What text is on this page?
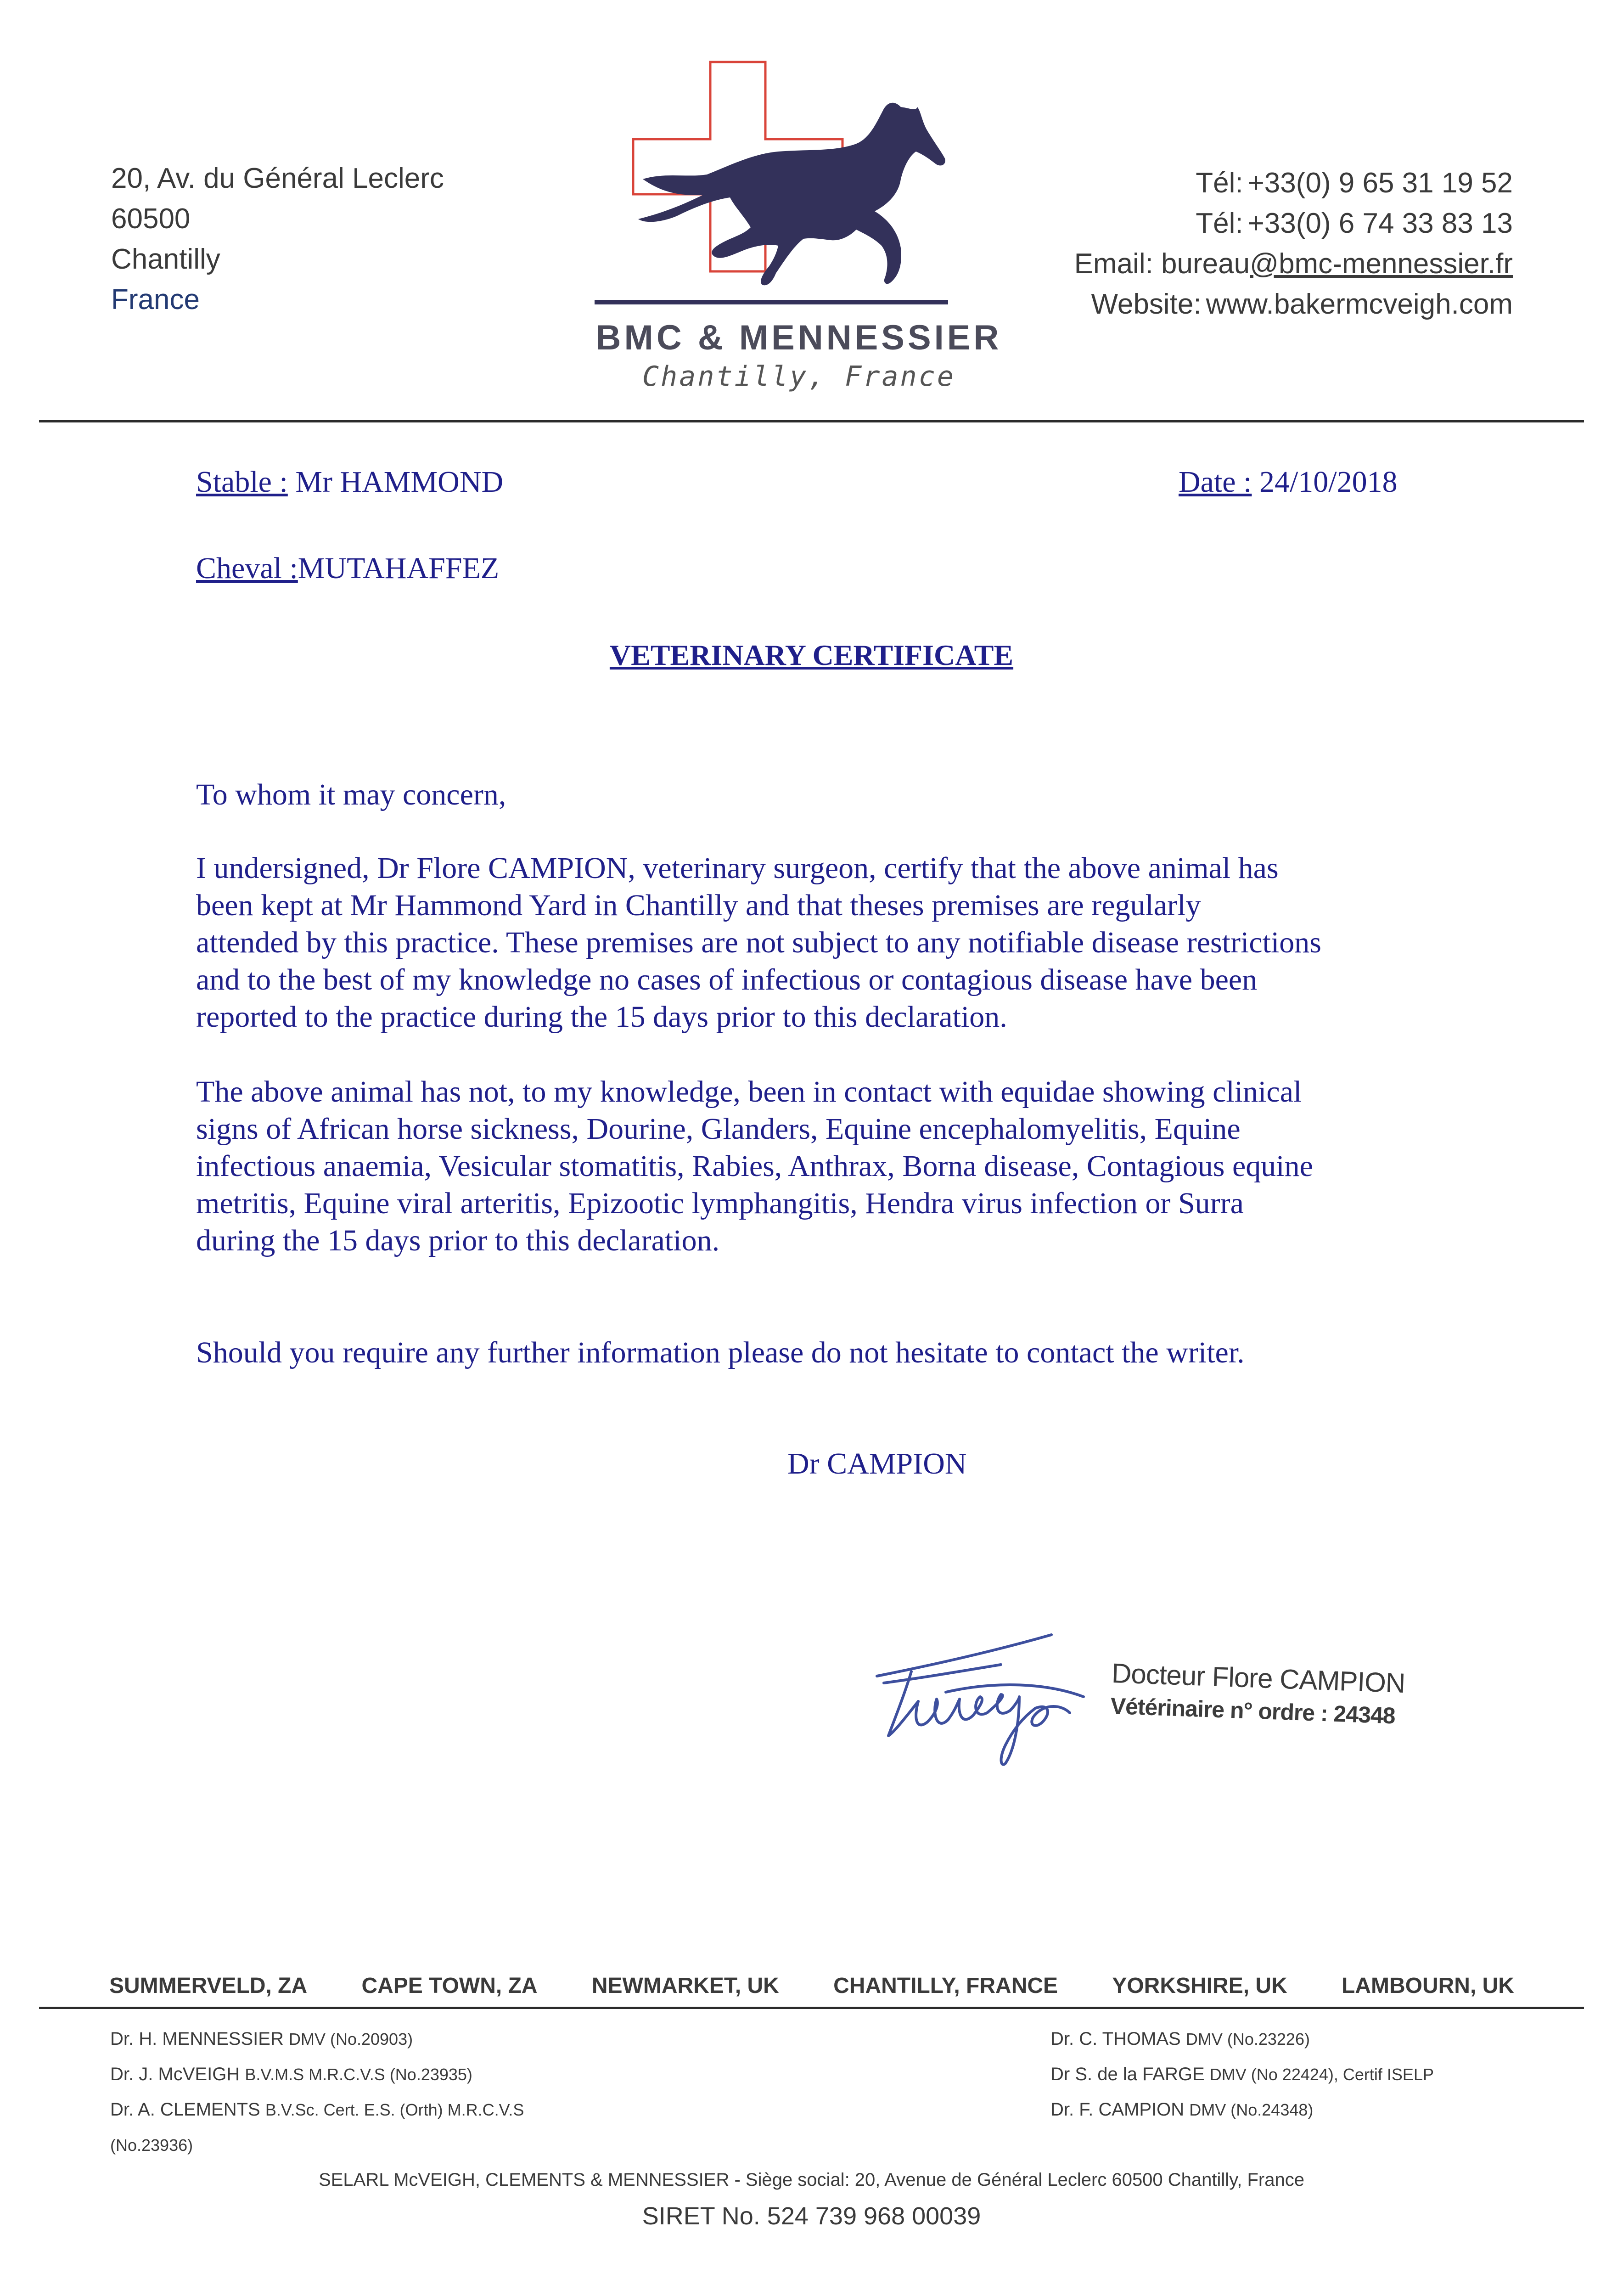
20, Av. du Général Leclerc
60500
Chantilly
France
BMC & MENNESSIER
Chantilly, France
Tél: +33(0) 9 65 31 19 52
Tél: +33(0) 6 74 33 83 13
Email: bureau@bmc-mennessier.fr
Website: www.bakermcveigh.com
Stable : Mr HAMMOND	Date : 24/10/2018
Cheval :MUTAHAFFEZ
VETERINARY CERTIFICATE
To whom it may concern,
I undersigned, Dr Flore CAMPION, veterinary surgeon, certify that the above animal has
been kept at Mr Hammond Yard in Chantilly and that theses premises are regularly
attended by this practice. These premises are not subject to any notifiable disease restrictions
and to the best of my knowledge no cases of infectious or contagious disease have been
reported to the practice during the 15 days prior to this declaration.
The above animal has not, to my knowledge, been in contact with equidae showing clinical
signs of African horse sickness, Dourine, Glanders, Equine encephalomyelitis, Equine
infectious anaemia, Vesicular stomatitis, Rabies, Anthrax, Borna disease, Contagious equine
metritis, Equine viral arteritis, Epizootic lymphangitis, Hendra virus infection or Surra
during the 15 days prior to this declaration.
Should you require any further information please do not hesitate to contact the writer.
Dr CAMPION
Docteur Flore CAMPION
Vétérinaire n° ordre : 24348
SUMMERVELD, ZA CAPE TOWN, ZA NEWMARKET, UK CHANTILLY, FRANCE YORKSHIRE, UK LAMBOURN, UK
Dr. H. MENNESSIER DMV (No.20903)
Dr. J. McVEIGH B.V.M.S M.R.C.V.S (No.23935)
Dr. A. CLEMENTS B.V.Sc. Cert. E.S. (Orth) M.R.C.V.S
(No.23936)
Dr. C. THOMAS DMV (No.23226)
Dr S. de la FARGE DMV (No 22424), Certif ISELP
Dr. F. CAMPION DMV (No.24348)
SELARL McVEIGH, CLEMENTS & MENNESSIER - Siège social: 20, Avenue de Général Leclerc 60500 Chantilly, France
SIRET No. 524 739 968 00039
